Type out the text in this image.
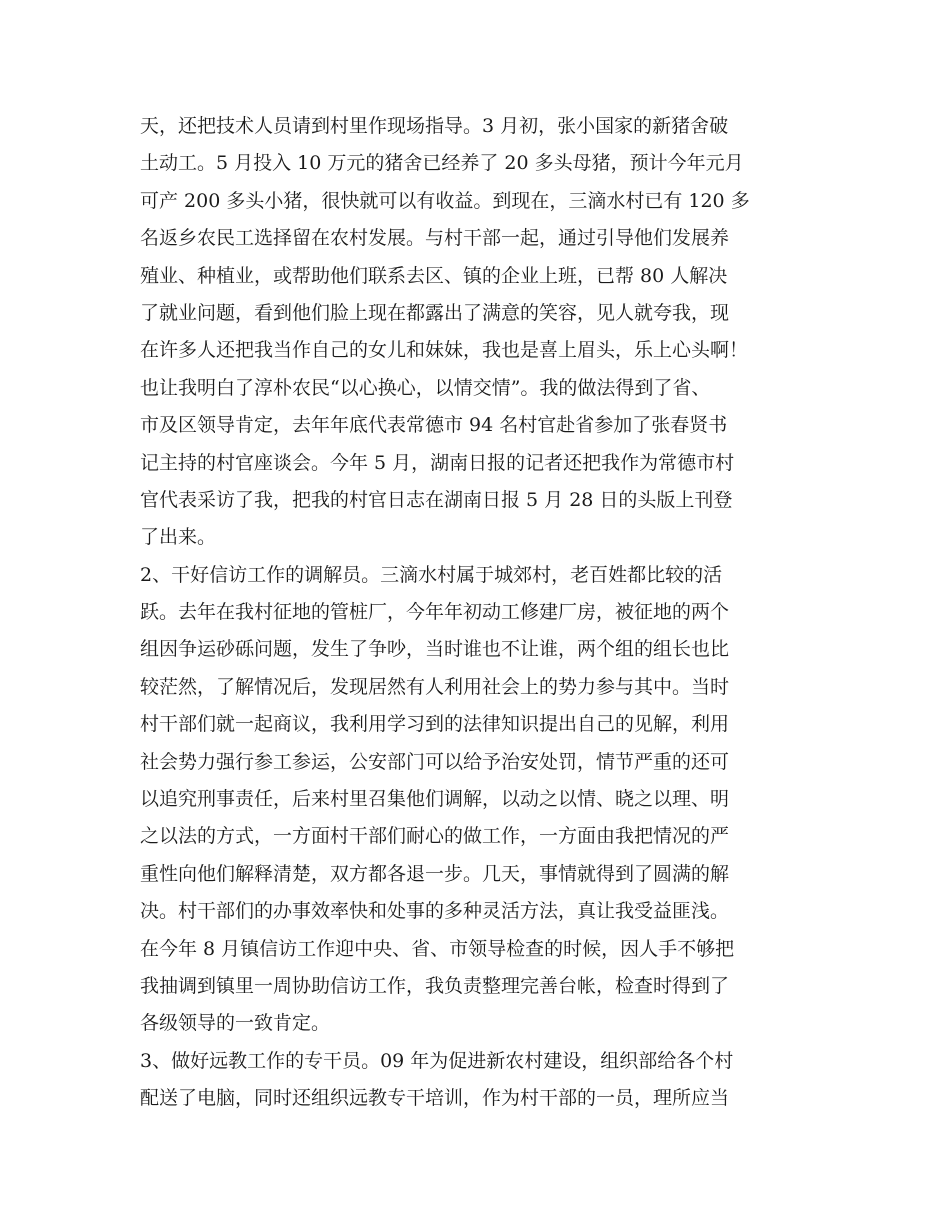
天，还把技术人员请到村里作现场指导。3 月初，张小国家的新猪舍破
土动工。5 月投入 10 万元的猪舍已经养了 20 多头母猪，预计今年元月
可产 200 多头小猪，很快就可以有收益。到现在，三滴水村已有 120 多
名返乡农民工选择留在农村发展。与村干部一起，通过引导他们发展养
殖业、种植业，或帮助他们联系去区、镇的企业上班，已帮 80 人解决
了就业问题，看到他们脸上现在都露出了满意的笑容，见人就夸我，现
在许多人还把我当作自己的女儿和妹妹，我也是喜上眉头，乐上心头啊！
也让我明白了淳朴农民“以心换心，以情交情”。我的做法得到了省、
市及区领导肯定，去年年底代表常德市 94 名村官赴省参加了张春贤书
记主持的村官座谈会。今年 5 月，湖南日报的记者还把我作为常德市村
官代表采访了我，把我的村官日志在湖南日报 5 月 28 日的头版上刊登
了出来。
2、干好信访工作的调解员。三滴水村属于城郊村，老百姓都比较的活
跃。去年在我村征地的管桩厂，今年年初动工修建厂房，被征地的两个
组因争运砂砾问题，发生了争吵，当时谁也不让谁，两个组的组长也比
较茫然，了解情况后，发现居然有人利用社会上的势力参与其中。当时
村干部们就一起商议，我利用学习到的法律知识提出自己的见解，利用
社会势力强行参工参运，公安部门可以给予治安处罚，情节严重的还可
以追究刑事责任，后来村里召集他们调解，以动之以情、晓之以理、明
之以法的方式，一方面村干部们耐心的做工作，一方面由我把情况的严
重性向他们解释清楚，双方都各退一步。几天，事情就得到了圆满的解
决。村干部们的办事效率快和处事的多种灵活方法，真让我受益匪浅。
在今年 8 月镇信访工作迎中央、省、市领导检查的时候，因人手不够把
我抽调到镇里一周协助信访工作，我负责整理完善台帐，检查时得到了
各级领导的一致肯定。
3、做好远教工作的专干员。09 年为促进新农村建设，组织部给各个村
配送了电脑，同时还组织远教专干培训，作为村干部的一员，理所应当
